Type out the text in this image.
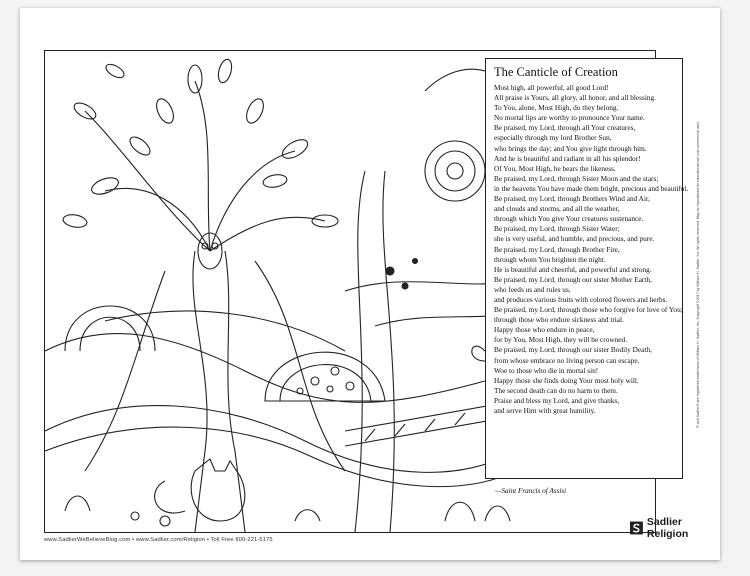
The Canticle of Creation
Most high, all powerful, all good Lord!
All praise is Yours, all glory, all honor, and all blessing.
To You, alone, Most High, do they belong.
No mortal lips are worthy to pronounce Your name.
Be praised, my Lord, through all Your creatures,
especially through my lord Brother Sun,
who brings the day; and You give light through him.
And he is beautiful and radiant in all his splendor!
Of You, Most High, he bears the likeness.
Be praised, my Lord, through Sister Moon and the stars;
in the heavens You have made them bright, precious and beautiful.
Be praised, my Lord, through Brothers Wind and Air,
and clouds and storms, and all the weather,
through which You give Your creatures sustenance.
Be praised, my Lord, through Sister Water;
she is very useful, and humble, and precious, and pure.
Be praised, my Lord, through Brother Fire,
through whom You brighten the night.
He is beautiful and cheerful, and powerful and strong.
Be praised, my Lord, through our sister Mother Earth,
who feeds us and rules us,
and produces various fruits with colored flowers and herbs.
Be praised, my Lord, through those who forgive for love of You;
through those who endure sickness and trial.
Happy those who endure in peace,
for by You, Most High, they will be crowned.
Be praised, my Lord, through our sister Bodily Death,
from whose embrace no living person can escape.
Woe to those who die in mortal sin!
Happy those she finds doing Your most holy will.
The second death can do no harm to them.
Praise and bless my Lord, and give thanks,
and serve Him with great humility.
—Saint Francis of Assisi
www.SadlierWeBelieveBlog.com • www.Sadlier.com/Religion • Toll Free 800-221-5175
Sadlier Religion
® and Sadlier® are registered trademarks of William H. Sadlier, Inc. Copyright ©2017 by William H. Sadlier, Inc. All rights reserved. May be reproduced for educational use (not commercial use).
